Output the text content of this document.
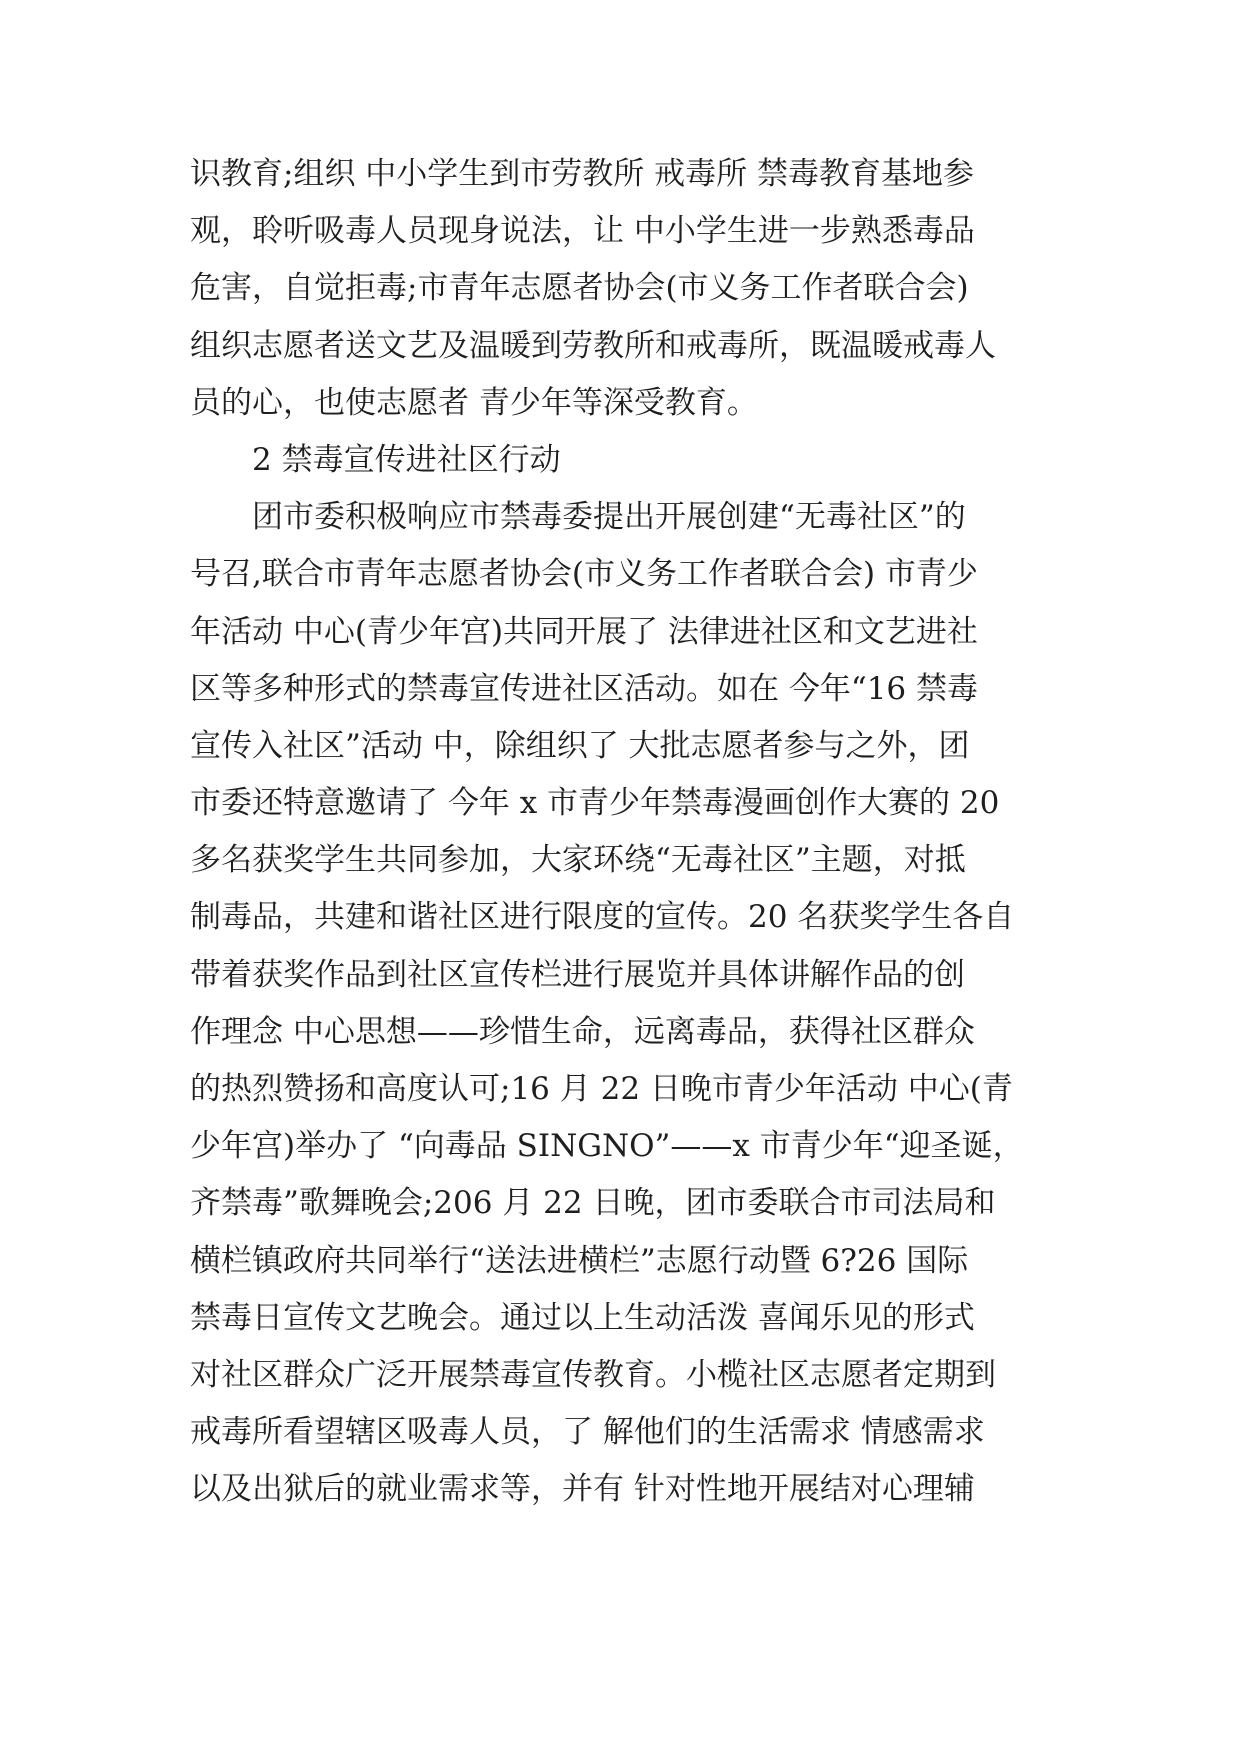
识教育;组织 中小学生到市劳教所 戒毒所 禁毒教育基地参
观，聆听吸毒人员现身说法，让 中小学生进一步熟悉毒品
危害，自觉拒毒;市青年志愿者协会(市义务工作者联合会)
组织志愿者送文艺及温暖到劳教所和戒毒所，既温暖戒毒人
员的心，也使志愿者 青少年等深受教育。
2 禁毒宣传进社区行动
团市委积极响应市禁毒委提出开展创建“无毒社区”的
号召,联合市青年志愿者协会(市义务工作者联合会) 市青少
年活动 中心(青少年宫)共同开展了 法律进社区和文艺进社
区等多种形式的禁毒宣传进社区活动。如在 今年“16 禁毒
宣传入社区”活动 中，除组织了 大批志愿者参与之外，团
市委还特意邀请了 今年 x 市青少年禁毒漫画创作大赛的 20
多名获奖学生共同参加，大家环绕“无毒社区”主题，对抵
制毒品，共建和谐社区进行限度的宣传。20 名获奖学生各自
带着获奖作品到社区宣传栏进行展览并具体讲解作品的创
作理念 中心思想——珍惜生命，远离毒品，获得社区群众
的热烈赞扬和高度认可;16 月 22 日晚市青少年活动 中心(青
少年宫)举办了 “向毒品 SINGNO”——x 市青少年“迎圣诞，
齐禁毒”歌舞晚会;206 月 22 日晚，团市委联合市司法局和
横栏镇政府共同举行“送法进横栏”志愿行动暨 6?26 国际
禁毒日宣传文艺晚会。通过以上生动活泼 喜闻乐见的形式
对社区群众广泛开展禁毒宣传教育。小榄社区志愿者定期到
戒毒所看望辖区吸毒人员，了 解他们的生活需求 情感需求
以及出狱后的就业需求等，并有 针对性地开展结对心理辅
